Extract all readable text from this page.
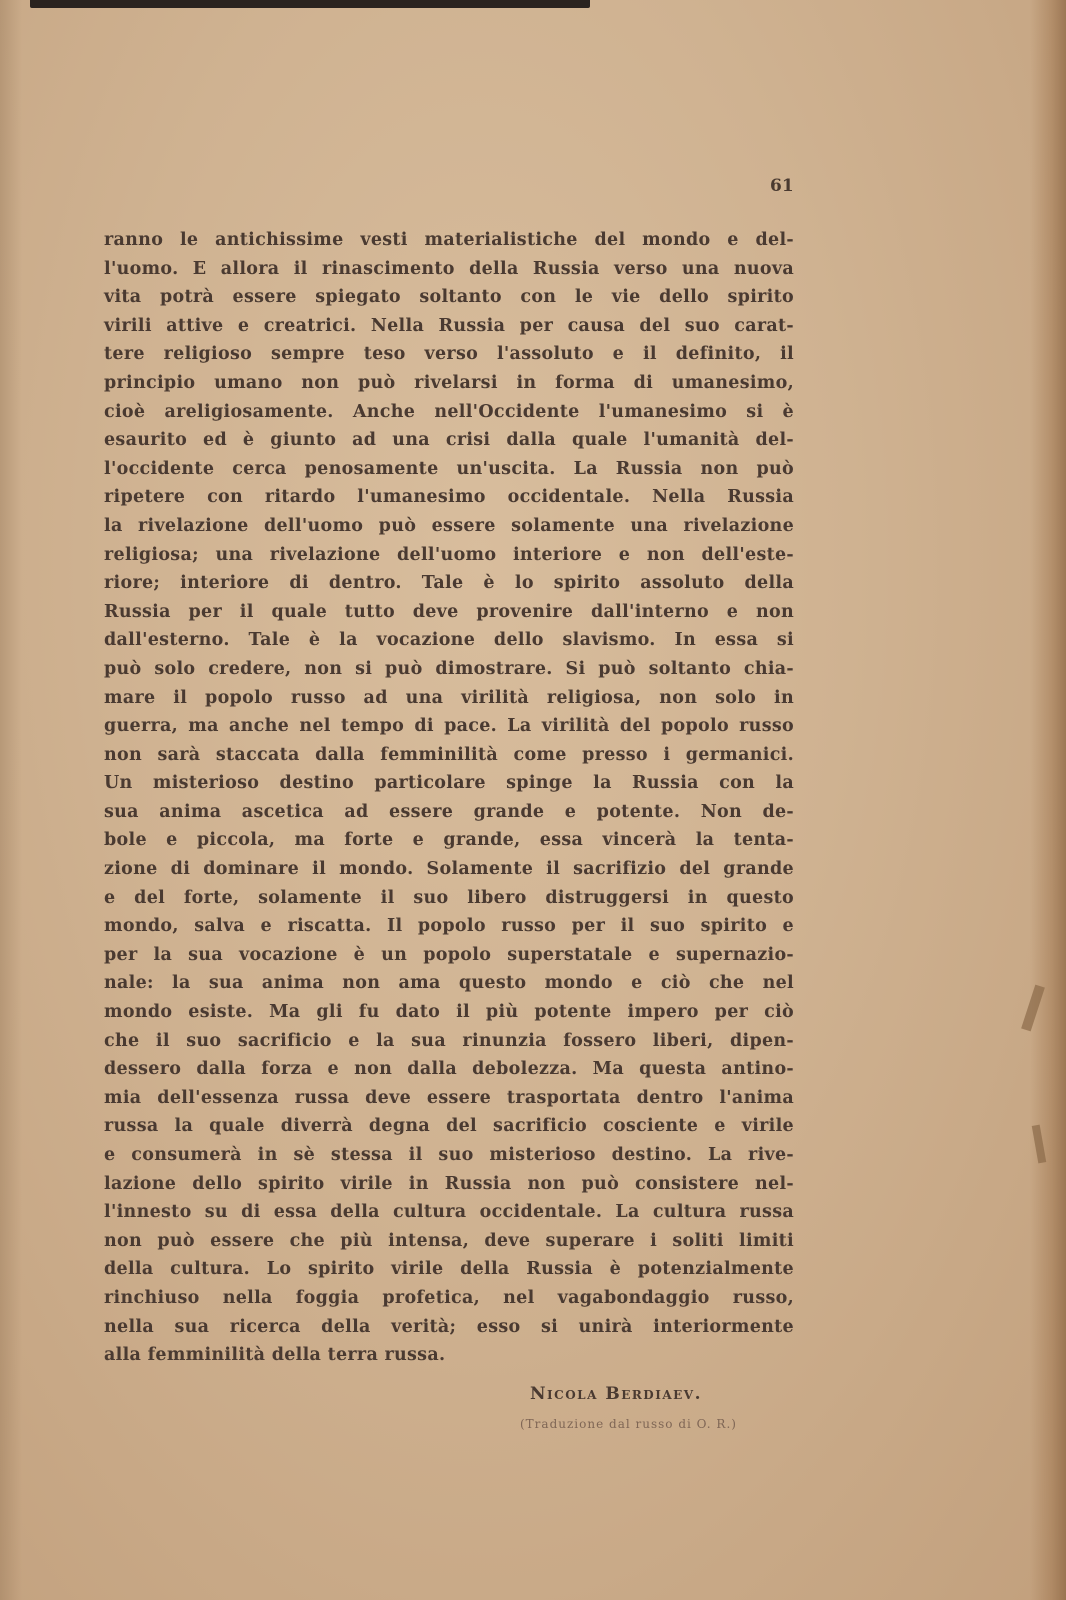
61
ranno le antichissime vesti materialistiche del mondo e del-
l'uomo. E allora il rinascimento della Russia verso una nuova
vita potrà essere spiegato soltanto con le vie dello spirito
virili attive e creatrici. Nella Russia per causa del suo carat-
tere religioso sempre teso verso l'assoluto e il definito, il
principio umano non può rivelarsi in forma di umanesimo,
cioè areligiosamente. Anche nell'Occidente l'umanesimo si è
esaurito ed è giunto ad una crisi dalla quale l'umanità del-
l'occidente cerca penosamente un'uscita. La Russia non può
ripetere con ritardo l'umanesimo occidentale. Nella Russia
la rivelazione dell'uomo può essere solamente una rivelazione
religiosa; una rivelazione dell'uomo interiore e non dell'este-
riore; interiore di dentro. Tale è lo spirito assoluto della
Russia per il quale tutto deve provenire dall'interno e non
dall'esterno. Tale è la vocazione dello slavismo. In essa si
può solo credere, non si può dimostrare. Si può soltanto chia-
mare il popolo russo ad una virilità religiosa, non solo in
guerra, ma anche nel tempo di pace. La virilità del popolo russo
non sarà staccata dalla femminilità come presso i germanici.
Un misterioso destino particolare spinge la Russia con la
sua anima ascetica ad essere grande e potente. Non de-
bole e piccola, ma forte e grande, essa vincerà la tenta-
zione di dominare il mondo. Solamente il sacrifizio del grande
e del forte, solamente il suo libero distruggersi in questo
mondo, salva e riscatta. Il popolo russo per il suo spirito e
per la sua vocazione è un popolo superstatale e supernazio-
nale: la sua anima non ama questo mondo e ciò che nel
mondo esiste. Ma gli fu dato il più potente impero per ciò
che il suo sacrificio e la sua rinunzia fossero liberi, dipen-
dessero dalla forza e non dalla debolezza. Ma questa antino-
mia dell'essenza russa deve essere trasportata dentro l'anima
russa la quale diverrà degna del sacrificio cosciente e virile
e consumerà in sè stessa il suo misterioso destino. La rive-
lazione dello spirito virile in Russia non può consistere nel-
l'innesto su di essa della cultura occidentale. La cultura russa
non può essere che più intensa, deve superare i soliti limiti
della cultura. Lo spirito virile della Russia è potenzialmente
rinchiuso nella foggia profetica, nel vagabondaggio russo,
nella sua ricerca della verità; esso si unirà interiormente
alla femminilità della terra russa.
Nicola Berdiaev.
(Traduzione dal russo di O. R.)
